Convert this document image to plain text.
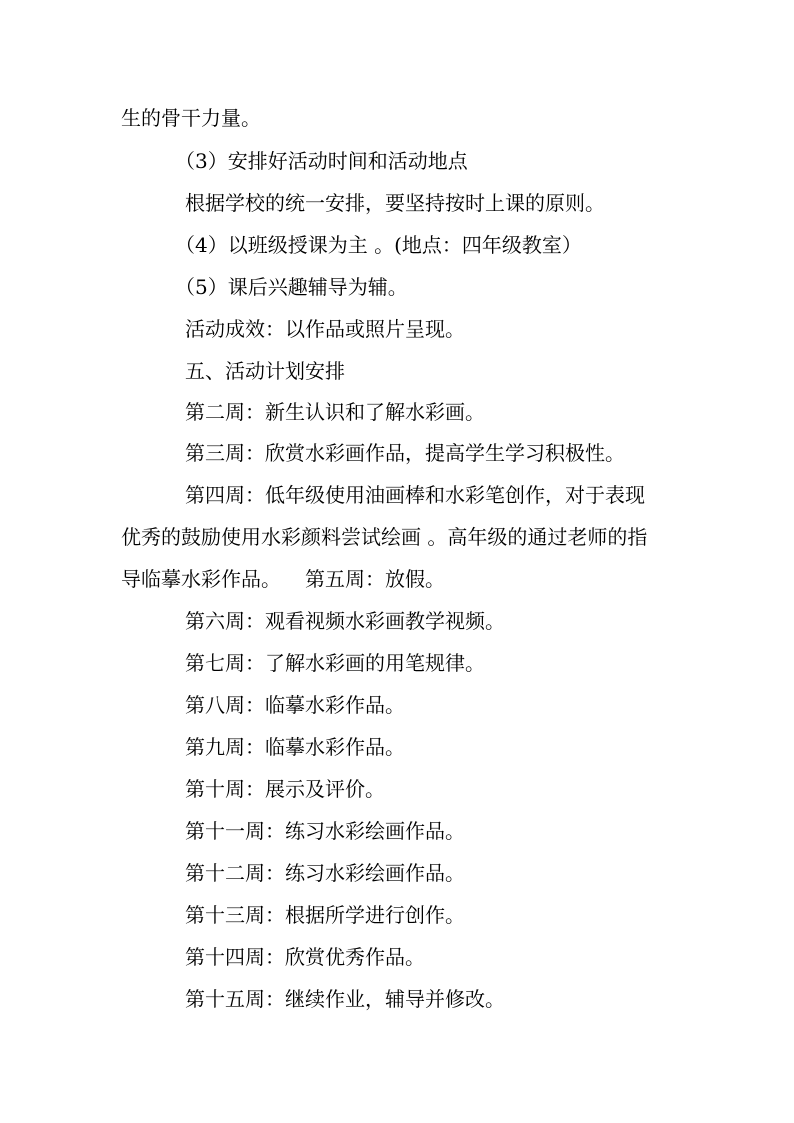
生的骨干力量。
（3）安排好活动时间和活动地点
根据学校的统一安排，要坚持按时上课的原则。
（4）以班级授课为主 。(地点：四年级教室）
（5）课后兴趣辅导为辅。
活动成效：以作品或照片呈现。
五、活动计划安排
第二周：新生认识和了解水彩画。
第三周：欣赏水彩画作品，提高学生学习积极性。
第四周：低年级使用油画棒和水彩笔创作，对于表现
优秀的鼓励使用水彩颜料尝试绘画 。高年级的通过老师的指
导临摹水彩作品。 第五周：放假。
第六周：观看视频水彩画教学视频。
第七周：了解水彩画的用笔规律。
第八周：临摹水彩作品。
第九周：临摹水彩作品。
第十周：展示及评价。
第十一周：练习水彩绘画作品。
第十二周：练习水彩绘画作品。
第十三周：根据所学进行创作。
第十四周：欣赏优秀作品。
第十五周：继续作业，辅导并修改。
